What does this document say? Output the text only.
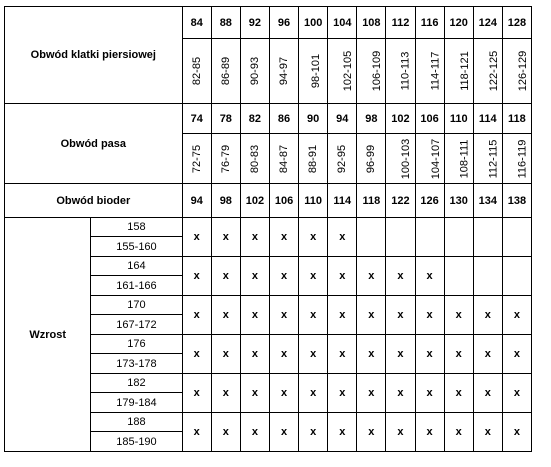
Obwód klatki piersiowej		84	88	92	96	100	104	108	112	116	120	124	128
		82-85	86-89	90-93	94-97	98-101	102-105	106-109	110-113	114-117	118-121	122-125	126-129
Obwód pasa		74	78	82	86	90	94	98	102	106	110	114	118
		72-75	76-79	80-83	84-87	88-91	92-95	96-99	100-103	104-107	108-111	112-115	116-119
Obwód bioder		94	98	102	106	110	114	118	122	126	130	134	138
Wzrost	158	x	x	x	x	x	x						
	155-160												
	164	x	x	x	x	x	x	x	x	x			
	161-166												
	170	x	x	x	x	x	x	x	x	x	x	x	x
	167-172												
	176	x	x	x	x	x	x	x	x	x	x	x	x
	173-178												
	182	x	x	x	x	x	x	x	x	x	x	x	x
	179-184												
	188	x	x	x	x	x	x	x	x	x	x	x	x
	185-190												
